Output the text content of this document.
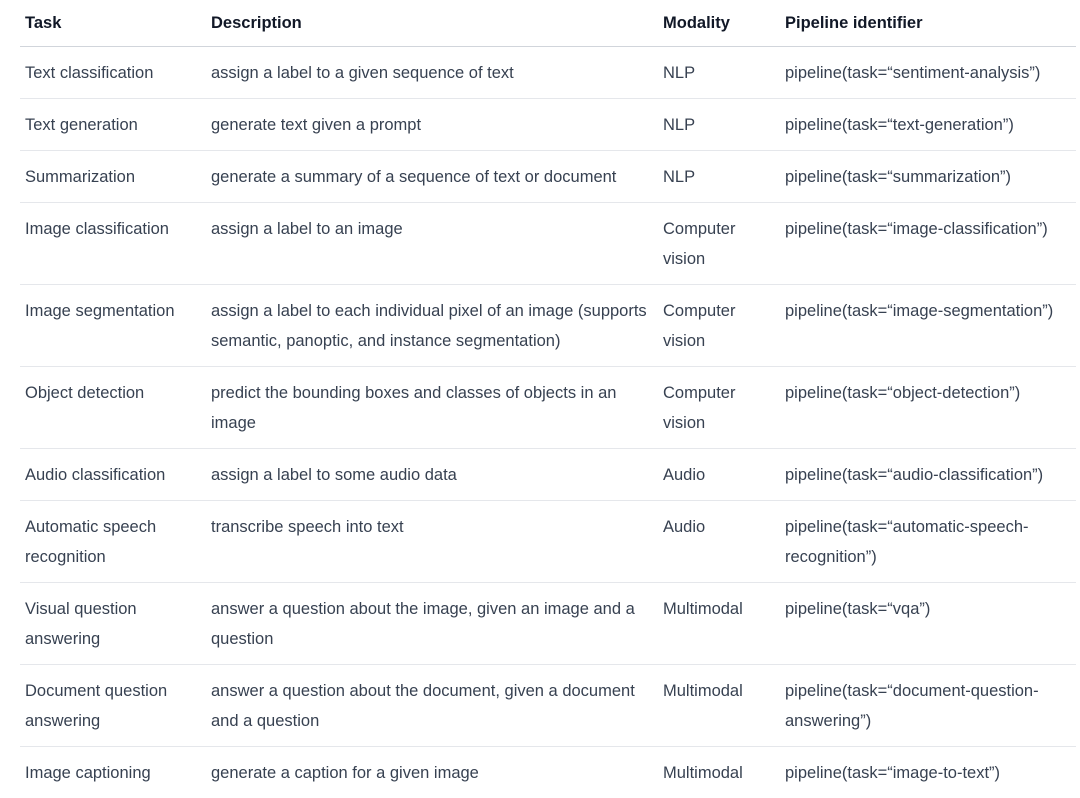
Task	Description	Modality	Pipeline identifier
Text classification	assign a label to a given sequence of text	NLP	pipeline(task=“sentiment-analysis”)
Text generation	generate text given a prompt	NLP	pipeline(task=“text-generation”)
Summarization	generate a summary of a sequence of text or document	NLP	pipeline(task=“summarization”)
Image classification	assign a label to an image	Computer vision	pipeline(task=“image-classification”)
Image segmentation	assign a label to each individual pixel of an image (supports semantic, panoptic, and instance segmentation)	Computer vision	pipeline(task=“image-segmentation”)
Object detection	predict the bounding boxes and classes of objects in an image	Computer vision	pipeline(task=“object-detection”)
Audio classification	assign a label to some audio data	Audio	pipeline(task=“audio-classification”)
Automatic speech recognition	transcribe speech into text	Audio	pipeline(task=“automatic-speech-recognition”)
Visual question answering	answer a question about the image, given an image and a question	Multimodal	pipeline(task=“vqa”)
Document question answering	answer a question about the document, given a document and a question	Multimodal	pipeline(task=“document-question-answering”)
Image captioning	generate a caption for a given image	Multimodal	pipeline(task=“image-to-text”)
